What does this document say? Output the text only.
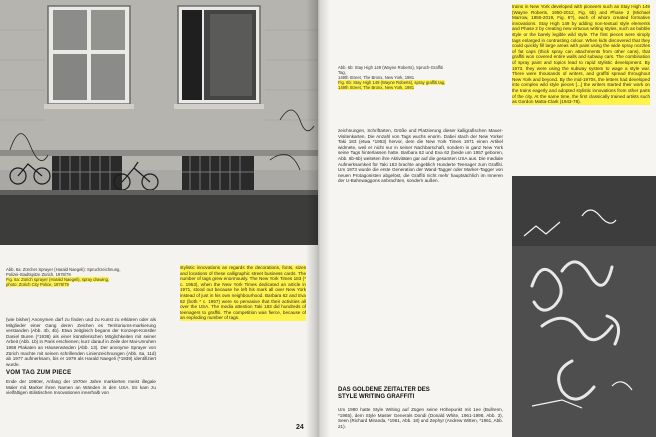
Abb. 6a: Zürcher Sprayer (Harald Naegeli): Spruchzeichnung,
Polizei-Stadtspitze Zürich, 1978/79
Fig. 6a: Zürich sprayer (Harald Naegeli), spray drawing,
photo: Zürich City Police, 1978/79

stylistic innovations as regards the decorations, fonts, sizes and locations of these calligraphic street business cards. The number of tags grew enormously. The New York Times 183 (* c. 1953), when the New York Times dedicated an article in 1971, stood out because he left his mark all over New York instead of just in his own neighbourhood. Barbara 62 and Eva 62 (both * c. 1957) were so pervasive that their activities all over the USA. The media attention Taki 183 did hundreds of teenagers to graffiti. The competition was fierce, because of an exploding number of tags.

(wie bisher) Anonymen darf zu finden und zu Kunst zu erklären oder als Mitglieder einer Gang deren Zeichen es Territoriums-markierung verstanden (Abb. 4b, 4b). Etwa zeitgleich begann der Konzept-Künstler Daniel Buren (*1938) als einer künstlerischen Möglichkeiten mit seiner Arbeit (Abb. 1b) in Paris erschienen; kurz darauf in Zeile der Mai-Unruhen 1968 Plakaten an Häuserwänden (Abb. 13). Der anonyme Sprayer von Zürich machte mit seinen schrillenden Linienzeichnungen (Abb. 6a, 11d) ab 1977 aufmerksam, bis er 1979 als Harald Naegeli (*1939) identifiziert wurde.

VOM TAG ZUM PIECE

Ende der 1960er, Anfang der 1970er Jahre markierten meist illegale Maler mit Marker ihren Namen an Wänden in den USA. Es kam zu vielfältigen stilistischen Innovationen innerhalb von

24
Abb. 6b: Stay High 149 (Wayne Roberts), Spruch-Graffiti Tag,
149th Street, The Bronx, New York, 1981
Fig. 6b: Stay High 149 (Wayne Roberts), spray graffiti tag,
149th Street, The Bronx, New York, 1981

zeichnungen, Schriftarten, Größe und Platzierung dieser kalligrafischen Mauer-Visitenkarten. Die Anzahl von Tags wuchs enorm. Dabei stach der New Yorker Taki 183 (etwa *1953) hervor, dem die New York Times 1971 einen Artikel widmete, weil er nicht nur in seiner Nachbarschaft, sondern in ganz New York seine Tags hinterlassen hatte. Barbara 62 und Eva 62 (beide um 1957 geboren, Abb. 6b-6b) weiteten ihre Aktivitäten gar auf die gesamten USA aus. Die mediale Aufmerksamkeit für Taki 183 brachte angeblich Hunderte Teenager zum Graffiti. Um 1973 wurde die erste Generation der Wand-Tagger oder Marker-Tagger von neuen Protagonisten abgelöst, die Graffiti nicht mehr hauptsächlich im Inneren der U-Bahnwaggons anbrachten, sondern außen.

DAS GOLDENE ZEITALTER DES
STYLE WRITING GRAFFITI

Um 1980 hatte Style Writing auf Zügen seine Höhepunkt mit 1ee (Bullrenn, *1965), dem Style Master Generals Dondi (Donald White, 1961-1998, Abb. 3), Seen (Richard Miranda, *1961, Abb. 18) und Zephyr (Andrew Witten, *1961, Abb. 21).

trains in New York developed with pioneers such as Stay High 149 (Wayne Roberts, 1950-2012, Fig. 6b) and Phase 2 (Michael Marrow, 1955-2019, Fig. 8?), each of whom created formative innovations. Stay High 149 by adding non-textual style elements and Phase 2 by creating new virtuous writing styles, such as bubble style or the barely legible wild style. The first pieces were simply tags enlarged in contrasting colour. When kids discovered that they could quickly fill large areas with paint using the wide spray nozzles of fat caps (thick spray can attachments from other cans), that graffiti won covered entire walls and subway cars. The combination of spray paint and topics lead to rapid stylistic development. By 1973, they were using the subway system to wage a style war. There were thousands of writers, and graffiti spread throughout New York and beyond. By the mid-1970s, the letters had developed into complex wild style pieces [...] the writers started their work on the trains eagerly and adopted stylistic innovations from other parts of the city. At the same time, the first classically trained artists such as Gordon Matta-Clark (1943-78).
